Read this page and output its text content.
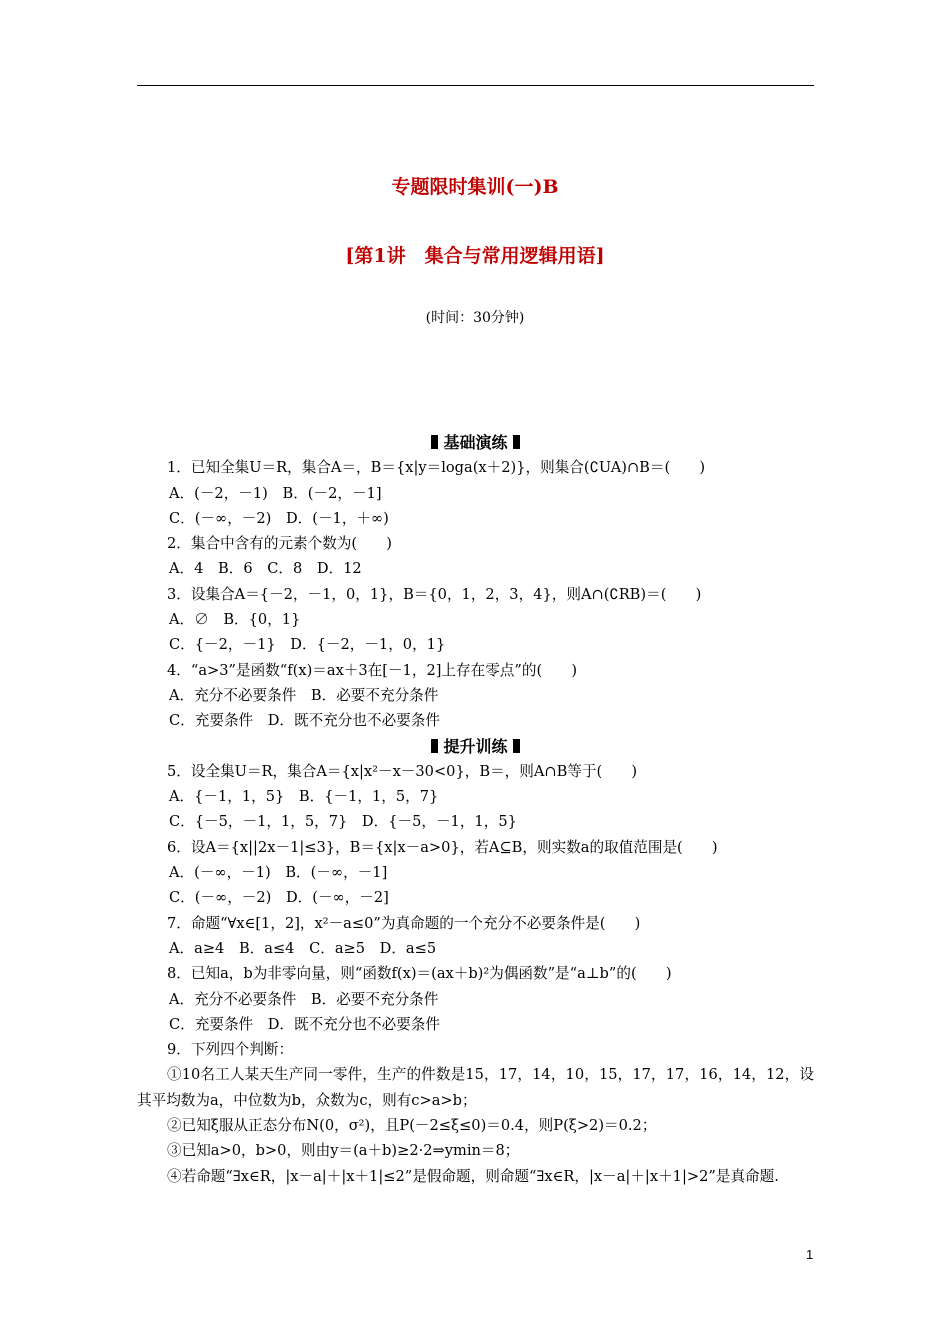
专题限时集训(一)B
[第1讲　集合与常用逻辑用语]
(时间：30分钟)
基础演练
1．已知全集U＝R，集合A＝，B＝{x|y＝loga(x＋2)}，则集合(∁UA)∩B＝(　　)
A．(－2，－1)　B．(－2，－1]
C．(－∞，－2)　D．(－1，＋∞)
2．集合中含有的元素个数为(　　)
A．4　B．6　C．8　D．12
3．设集合A＝{－2，－1，0，1}，B＝{0，1，2，3，4}，则A∩(∁RB)＝(　　)
A．∅　B．{0，1}
C．{－2，－1}　D．{－2，－1，0，1}
4．“a>3”是函数“f(x)＝ax＋3在[－1，2]上存在零点”的(　　)
A．充分不必要条件　B．必要不充分条件
C．充要条件　D．既不充分也不必要条件
提升训练
5．设全集U＝R，集合A＝{x|x²－x－30<0}，B＝，则A∩B等于(　　)
A．{－1，1，5}　B．{－1，1，5，7}
C．{－5，－1，1，5，7}　D．{－5，－1，1，5}
6．设A＝{x||2x－1|≤3}，B＝{x|x－a>0}，若A⊆B，则实数a的取值范围是(　　)
A．(－∞，－1)　B．(－∞，－1]
C．(－∞，－2)　D．(－∞，－2]
7．命题“∀x∈[1，2]，x²－a≤0”为真命题的一个充分不必要条件是(　　)
A．a≥4　B．a≤4　C．a≥5　D．a≤5
8．已知a，b为非零向量，则“函数f(x)＝(ax＋b)²为偶函数”是“a⊥b”的(　　)
A．充分不必要条件　B．必要不充分条件
C．充要条件　D．既不充分也不必要条件
9．下列四个判断：
①10名工人某天生产同一零件，生产的件数是15，17，14，10，15，17，17，16，14，12，设其平均数为a，中位数为b，众数为c，则有c>a>b；
②已知ξ服从正态分布N(0，σ²)，且P(－2≤ξ≤0)＝0.4，则P(ξ>2)＝0.2；
③已知a>0，b>0，则由y＝(a＋b)≥2·2⇒ymin＝8；
④若命题“∃x∈R，|x－a|＋|x＋1|≤2”是假命题，则命题“∃x∈R，|x－a|＋|x＋1|>2”是真命题.
1
